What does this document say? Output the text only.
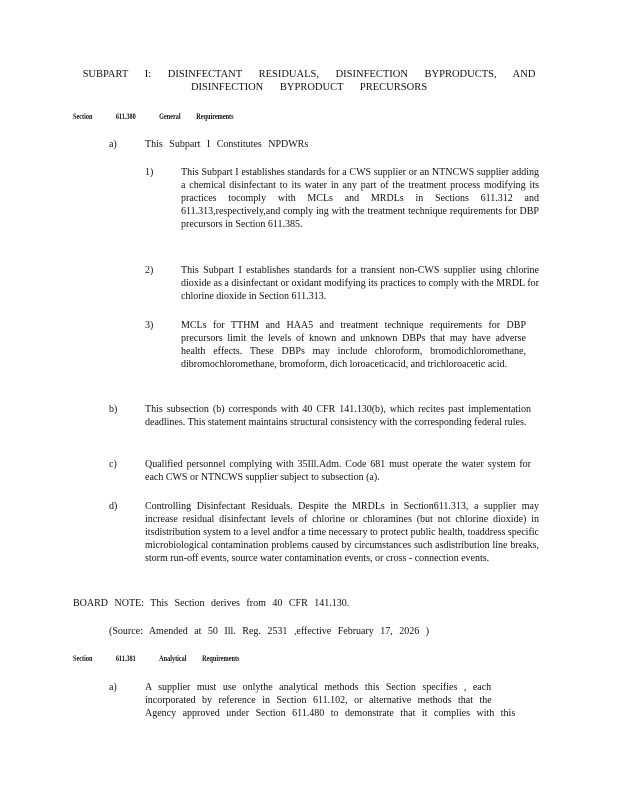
SUBPART I: DISINFECTANT RESIDUALS, DISINFECTION BYPRODUCTS, AND
DISINFECTION BYPRODUCT PRECURSORS
Section	611.380	General Requirements
a)	This Subpart I Constitutes NPDWRs
1)	This Subpart I establishes standards for a CWS supplier or an NTNCWS supplier adding a chemical disinfectant to its water in any part of the treatment process modifying its practices tocomply with MCLs and MRDLs in Sections 611.312 and 611.313,respectively,and comply ing with the treatment technique requirements for DBP precursors in Section 611.385.
2)	This Subpart I establishes standards for a transient non-CWS supplier using chlorine dioxide as a disinfectant or oxidant modifying its practices to comply with the MRDL for chlorine dioxide in Section 611.313.
3)	MCLs for TTHM and HAA5 and treatment technique requirements for DBP precursors limit the levels of known and unknown DBPs that may have adverse health effects. These DBPs may include chloroform, bromodichloromethane, dibromochloromethane, bromoform, dich loroaceticacid, and trichloroacetic acid.
b)	This subsection (b) corresponds with 40 CFR 141.130(b), which recites past implementation deadlines. This statement maintains structural consistency with the corresponding federal rules.
c)	Qualified personnel complying with 35Ill.Adm. Code 681 must operate the water system for each CWS or NTNCWS supplier subject to subsection (a).
d)	Controlling Disinfectant Residuals. Despite the MRDLs in Section611.313, a supplier may increase residual disinfectant levels of chlorine or chloramines (but not chlorine dioxide) in itsdistribution system to a level andfor a time necessary to protect public health, toaddress specific microbiological contamination problems caused by circumstances such asdistribution line breaks, storm run-off events, source water contamination events, or cross - connection events.
BOARD NOTE: This Section derives from 40 CFR 141.130.
(Source: Amended at 50 Ill. Reg. 2531 ,effective February 17, 2026 )
Section	611.381	Analytical Requirements
a)	A supplier must use onlythe analytical methods this Section specifies , each
incorporated by reference in Section 611.102, or alternative methods that the
Agency approved under Section 611.480 to demonstrate that it complies with this
